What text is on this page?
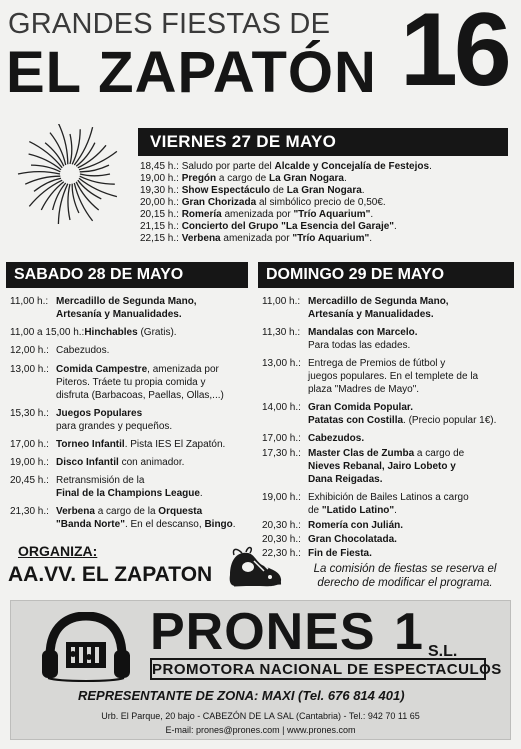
GRANDES FIESTAS DE
EL ZAPATÓN 16
VIERNES 27 DE MAYO
18,45 h.: Saludo por parte del Alcalde y Concejalía de Festejos.
19,00 h.: Pregón a cargo de La Gran Nogara.
19,30 h.: Show Espectáculo de La Gran Nogara.
20,00 h.: Gran Chorizada al simbólico precio de 0,50€.
20,15 h.: Romería amenizada por "Trío Aquarium".
21,15 h.: Concierto del Grupo "La Esencia del Garaje".
22,15 h.: Verbena amenizada por "Trío Aquarium".
SABADO 28 DE MAYO
11,00 h.: Mercadillo de Segunda Mano,
Artesanía y Manualidades.
11,00 a 15,00 h.: Hinchables (Gratis).
12,00 h.: Cabezudos.
13,00 h.: Comida Campestre, amenizada por
Piteros. Tráete tu propia comida y
disfruta (Barbacoas, Paellas, Ollas,...)
15,30 h.: Juegos Populares
para grandes y pequeños.
17,00 h.: Torneo Infantil. Pista IES El Zapatón.
19,00 h.: Disco Infantil con animador.
20,45 h.: Retransmisión de la
Final de la Champions League.
21,30 h.: Verbena a cargo de la Orquesta
"Banda Norte". En el descanso, Bingo.
DOMINGO 29 DE MAYO
11,00 h.: Mercadillo de Segunda Mano,
Artesanía y Manualidades.
11,30 h.: Mandalas con Marcelo.
Para todas las edades.
13,00 h.: Entrega de Premios de fútbol y
juegos populares. En el templete de la
plaza "Madres de Mayo".
14,00 h.: Gran Comida Popular.
Patatas con Costilla. (Precio popular 1€).
17,00 h.: Cabezudos.
17,30 h.: Master Clas de Zumba a cargo de
Nieves Rebanal, Jairo Lobeto y
Dana Reigadas.
19,00 h.: Exhibición de Bailes Latinos a cargo
de "Latido Latino".
20,30 h.: Romería con Julián.
20,30 h.: Gran Chocolatada.
22,30 h.: Fin de Fiesta.
ORGANIZA:
AA.VV. EL ZAPATON	La comisión de fiestas se reserva el derecho de modificar el programa.
PRONES 1 S.L.
PROMOTORA NACIONAL DE ESPECTACULOS
REPRESENTANTE DE ZONA: MAXI (Tel. 676 814 401)
Urb. El Parque, 20 bajo - CABEZÓN DE LA SAL (Cantabria) - Tel.: 942 70 11 65
E-mail: prones@prones.com | www.prones.com
